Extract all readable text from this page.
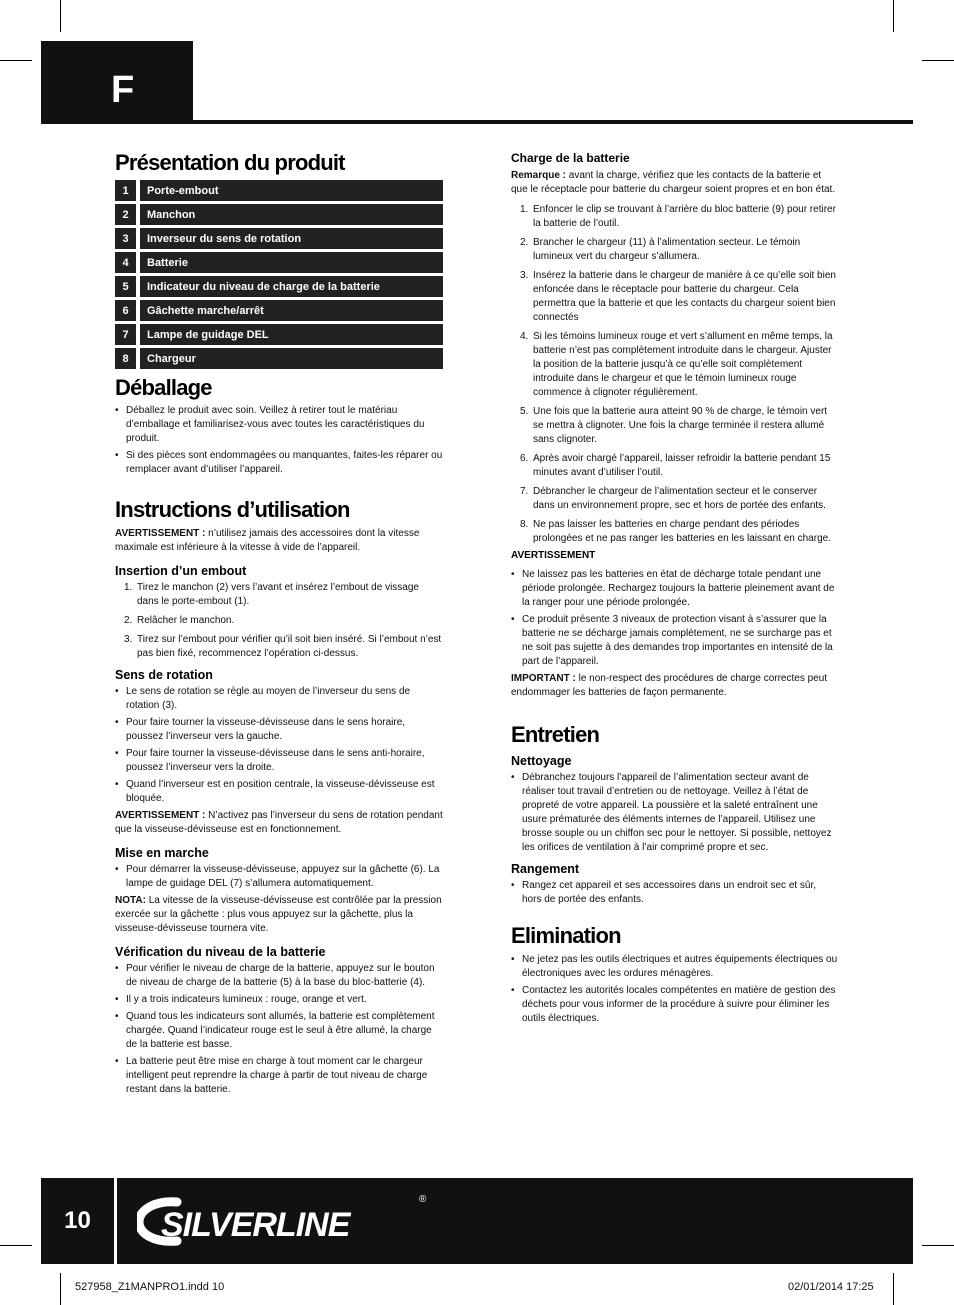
F
Présentation du produit
1	Porte-embout
2	Manchon
3	Inverseur du sens de rotation
4	Batterie
5	Indicateur du niveau de charge de la batterie
6	Gâchette marche/arrêt
7	Lampe de guidage DEL
8	Chargeur
Déballage
• Déballez le produit avec soin. Veillez à retirer tout le matériau d’emballage et familiarisez-vous avec toutes les caractéristiques du produit.
• Si des pièces sont endommagées ou manquantes, faites-les réparer ou remplacer avant d’utiliser l’appareil.
Instructions d’utilisation

AVERTISSEMENT : n’utilisez jamais des accessoires dont la vitesse maximale est inférieure à la vitesse à vide de l’appareil.

Insertion d’un embout
1. Tirez le manchon (2) vers l’avant et insérez l’embout de vissage dans le porte-embout (1).
2. Relâcher le manchon.
3. Tirez sur l’embout pour vérifier qu’il soit bien inséré. Si l’embout n’est pas bien fixé, recommencez l’opération ci-dessus.
Sens de rotation
• Le sens de rotation se règle au moyen de l’inverseur du sens de rotation (3).
• Pour faire tourner la visseuse-dévisseuse dans le sens horaire, poussez l’inverseur vers la gauche.
• Pour faire tourner la visseuse-dévisseuse dans le sens anti-horaire, poussez l’inverseur vers la droite.
• Quand l’inverseur est en position centrale, la visseuse-dévisseuse est bloquée.

AVERTISSEMENT : N’activez pas l’inverseur du sens de rotation pendant que la visseuse-dévisseuse est en fonctionnement.

Mise en marche
• Pour démarrer la visseuse-dévisseuse, appuyez sur la gâchette (6). La lampe de guidage DEL (7) s’allumera automatiquement.

NOTA: La vitesse de la visseuse-dévisseuse est contrôlée par la pression exercée sur la gâchette : plus vous appuyez sur la gâchette, plus la visseuse-dévisseuse tournera vite.

Vérification du niveau de la batterie
• Pour vérifier le niveau de charge de la batterie, appuyez sur le bouton de niveau de charge de la batterie (5) à la base du bloc-batterie (4).
• Il y a trois indicateurs lumineux : rouge, orange et vert.
• Quand tous les indicateurs sont allumés, la batterie est complètement chargée. Quand l’indicateur rouge est le seul à être allumé, la charge de la batterie est basse.
• La batterie peut être mise en charge à tout moment car le chargeur intelligent peut reprendre la charge à partir de tout niveau de charge restant dans la batterie.
Charge de la batterie

Remarque : avant la charge, vérifiez que les contacts de la batterie et que le réceptacle pour batterie du chargeur soient propres et en bon état.

1. Enfoncer le clip se trouvant à l’arrière du bloc batterie (9) pour retirer la batterie de l’outil.
2. Brancher le chargeur (11) à l’alimentation secteur. Le témoin lumineux vert du chargeur s’allumera.
3. Insérez la batterie dans le chargeur de manière à ce qu’elle soit bien enfoncée dans le réceptacle pour batterie du chargeur. Cela permettra que la batterie et que les contacts du chargeur soient bien connectés
4. Si les témoins lumineux rouge et vert s’allument en même temps, la batterie n’est pas complètement introduite dans le chargeur. Ajuster la position de la batterie jusqu’à ce qu’elle soit complètement introduite dans le chargeur et que le témoin lumineux rouge commence à clignoter régulièrement.
5. Une fois que la batterie aura atteint 90 % de charge, le témoin vert se mettra à clignoter. Une fois la charge terminée il restera allumé sans clignoter.
6. Après avoir chargé l’appareil, laisser refroidir la batterie pendant 15 minutes avant d’utiliser l’outil.
7. Débrancher le chargeur de l’alimentation secteur et le conserver dans un environnement propre, sec et hors de portée des enfants.
8. Ne pas laisser les batteries en charge pendant des périodes prolongées et ne pas ranger les batteries en les laissant en charge.
AVERTISSEMENT
• Ne laissez pas les batteries en état de décharge totale pendant une période prolongée. Rechargez toujours la batterie pleinement avant de la ranger pour une période prolongée.
• Ce produit présente 3 niveaux de protection visant à s’assurer que la batterie ne se décharge jamais complètement, ne se surcharge pas et ne soit pas sujette à des demandes trop importantes en intensité de la part de l’appareil.

IMPORTANT : le non-respect des procédures de charge correctes peut endommager les batteries de façon permanente.

Entretien
Nettoyage
• Débranchez toujours l’appareil de l’alimentation secteur avant de réaliser tout travail d’entretien ou de nettoyage. Veillez à l’état de propreté de votre appareil. La poussière et la saleté entraînent une usure prématurée des éléments internes de l’appareil. Utilisez une brosse souple ou un chiffon sec pour le nettoyer. Si possible, nettoyez les orifices de ventilation à l’air comprimé propre et sec.
Rangement
• Rangez cet appareil et ses accessoires dans un endroit sec et sûr, hors de portée des enfants.
Elimination
• Ne jetez pas les outils électriques et autres équipements électriques ou électroniques avec les ordures ménagères.
• Contactez les autorités locales compétentes en matière de gestion des déchets pour vous informer de la procédure à suivre pour éliminer les outils électriques.
10	SILVERLINE
®
527958_Z1MANPRO1.indd 10	02/01/2014 17:25
